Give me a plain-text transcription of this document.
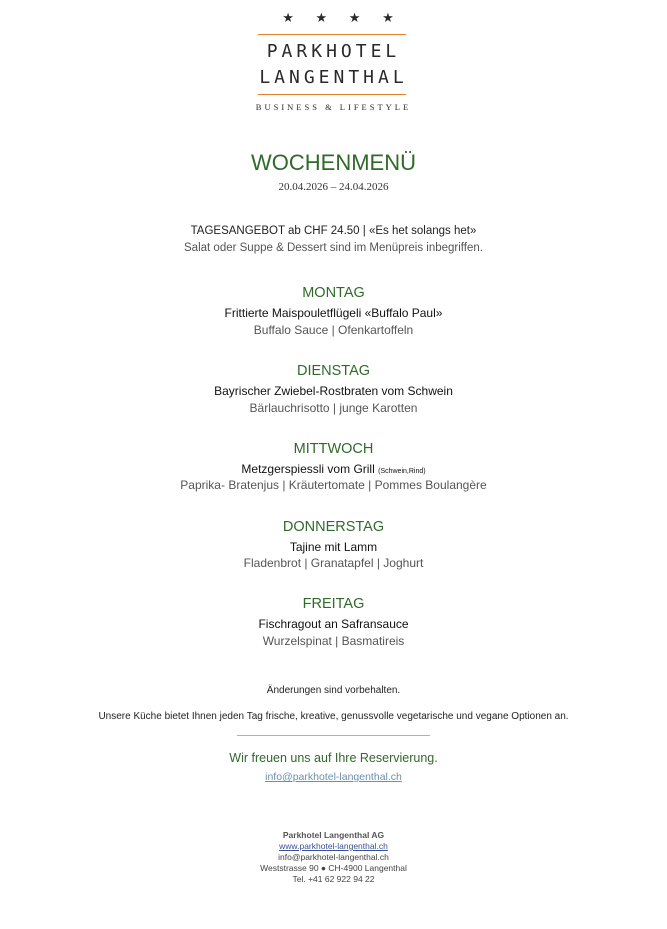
★ ★ ★ ★
PARKHOTEL
LANGENTHAL
BUSINESS & LIFESTYLE
WOCHENMENÜ
20.04.2026 – 24.04.2026
TAGESANGEBOT ab CHF 24.50 | «Es het solangs het»
Salat oder Suppe & Dessert sind im Menüpreis inbegriffen.
MONTAG
Frittierte Maispouletflügeli «Buffalo Paul»
Buffalo Sauce | Ofenkartoffeln
DIENSTAG
Bayrischer Zwiebel-Rostbraten vom Schwein
Bärlauchrisotto | junge Karotten
MITTWOCH
Metzgerspiessli vom Grill (Schwein,Rind)
Paprika- Bratenjus | Kräutertomate | Pommes Boulangère
DONNERSTAG
Tajine mit Lamm
Fladenbrot | Granatapfel | Joghurt
FREITAG
Fischragout an Safransauce
Wurzelspinat | Basmatireis
Änderungen sind vorbehalten.
Unsere Küche bietet Ihnen jeden Tag frische, kreative, genussvolle vegetarische und vegane Optionen an.
Wir freuen uns auf Ihre Reservierung.
info@parkhotel-langenthal.ch
Parkhotel Langenthal AG
www.parkhotel-langenthal.ch
info@parkhotel-langenthal.ch
Weststrasse 90 ● CH-4900 Langenthal
Tel. +41 62 922 94 22
